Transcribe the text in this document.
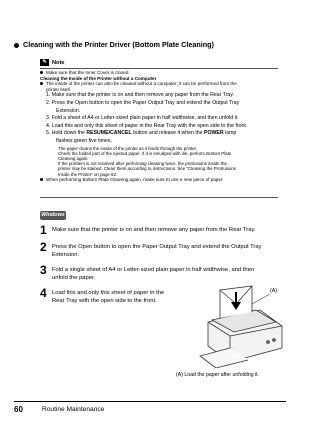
Cleaning with the Printer Driver (Bottom Plate Cleaning)
✎ Note
Make sure that the Inner Cover is closed.
Cleaning the Inside of the Printer without a Computer
The inside of the printer can also be cleaned without a computer; it can be performed from the
printer itself.
1. Make sure that the printer is on and then remove any paper from the Rear Tray.
2. Press the Open button to open the Paper Output Tray and extend the Output Tray
Extension.
3. Fold a sheet of A4 or Letter-sized plain paper in half widthwise, and then unfold it.
4. Load this and only this sheet of paper in the Rear Tray with the open side to the front.
5. Hold down the RESUME/CANCEL button and release it when the POWER lamp
flashes green five times.
The paper cleans the inside of the printer as it feeds through the printer.
Check the folded part of the ejected paper. If it is smudged with ink, perform Bottom Plate
Cleaning again.
If the problem is not resolved after performing cleaning twice, the protrusions inside the
printer may be stained. Clean them according to instructions. See "Cleaning the Protrusions
Inside the Printer" on page 62.
When performing Bottom Plate Cleaning again, make sure to use a new piece of paper.
Windows
1 Make sure that the printer is on and then remove any paper from the Rear Tray.
2 Press the Open button to open the Paper Output Tray and extend the Output Tray
Extension.
3 Fold a single sheet of A4 or Letter-sized plain paper in half widthwise, and then
unfold the paper.
4 Load this and only this sheet of paper in the
Rear Tray with the open side to the front.
(A)
(A) Load the paper after unfolding it.
60	Routine Maintenance
